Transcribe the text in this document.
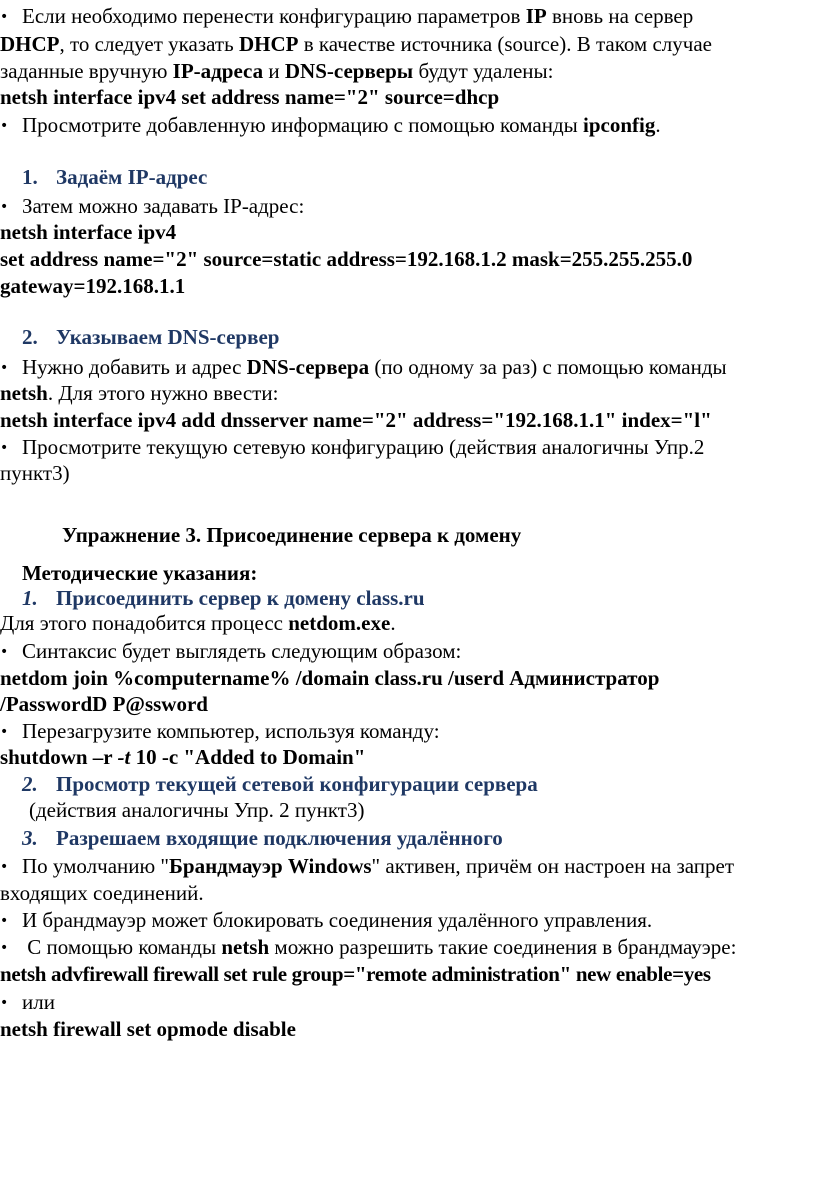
• Если необходимо перенести конфигурацию параметров IP вновь на сервер
DHCP, то следует указать DHCP в качестве источника (source). В таком случае
заданные вручную IP-адреса и DNS-серверы будут удалены:
netsh interface ipv4 set address name="2" source=dhcp
• Просмотрите добавленную информацию с помощью команды ipconfig.
1. Задаём IP-адрес
• Затем можно задавать IP-адрес:
netsh interface ipv4
set address name="2" source=static address=192.168.1.2 mask=255.255.255.0
gateway=192.168.1.1
2. Указываем DNS-сервер
• Нужно добавить и адрес DNS-сервера (по одному за раз) с помощью команды
netsh. Для этого нужно ввести:
netsh interface ipv4 add dnsserver name="2" address="192.168.1.1" index="l"
• Просмотрите текущую сетевую конфигурацию (действия аналогичны Упр.2
пункт3)
Упражнение 3. Присоединение сервера к домену
Методические указания:
1. Присоединить сервер к домену class.ru
Для этого понадобится процесс netdom.exe.
• Синтаксис будет выглядеть следующим образом:
netdom join %computername% /domain class.ru /userd Администратор
/PasswordD P@ssword
• Перезагрузите компьютер, используя команду:
shutdown –r -t 10 -c "Added to Domain"
2. Просмотр текущей сетевой конфигурации сервера
(действия аналогичны Упр. 2 пункт3)
3. Разрешаем входящие подключения удалённого
• По умолчанию "Брандмауэр Windows" активен, причём он настроен на запрет
входящих соединений.
• И брандмауэр может блокировать соединения удалённого управления.
• С помощью команды netsh можно разрешить такие соединения в брандмауэре:
netsh advfirewall firewall set rule group="remote administration" new enable=yes
• или
netsh firewall set opmode disable
